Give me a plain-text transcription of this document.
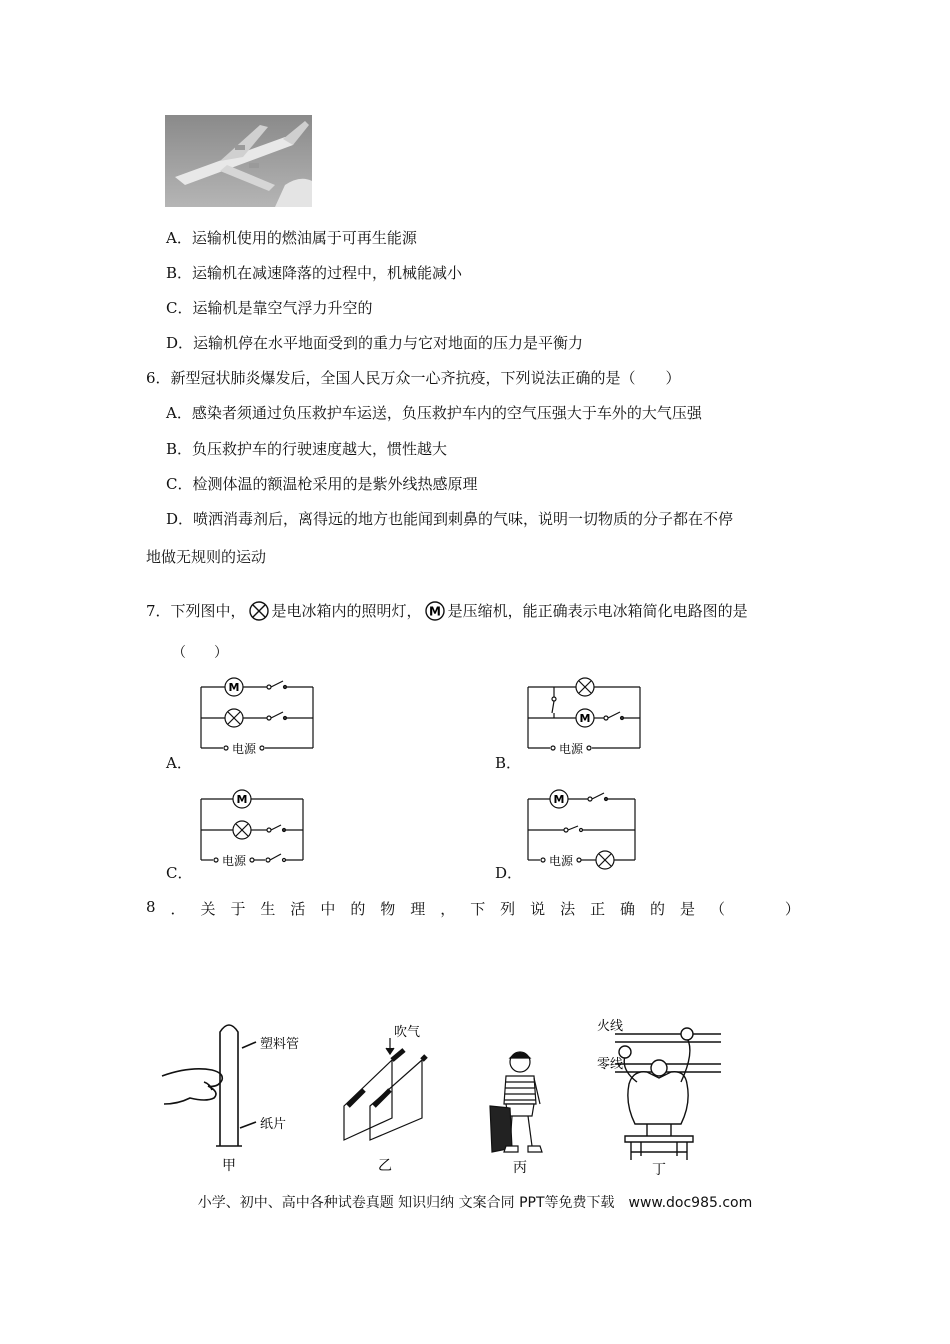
A．运输机使用的燃油属于可再生能源
B．运输机在减速降落的过程中，机械能减小
C．运输机是靠空气浮力升空的
D．运输机停在水平地面受到的重力与它对地面的压力是平衡力
6．新型冠状肺炎爆发后，全国人民万众一心齐抗疫，下列说法正确的是（　　）
A．感染者须通过负压救护车运送，负压救护车内的空气压强大于车外的大气压强
B．负压救护车的行驶速度越大，惯性越大
C．检测体温的额温枪采用的是紫外线热感原理
D．喷洒消毒剂后，离得远的地方也能闻到刺鼻的气味，说明一切物质的分子都在不停
地做无规则的运动
7．下列图中， 是电冰箱内的照明灯， M 是压缩机，能正确表示电冰箱简化电路图的是
（　　）
A．
M
电源
B．
M
电源
C．
M
电源
D．
M
电源
8 ． 关 于 生 活 中 的 物 理 ， 下 列 说 法 正 确 的 是 （	）
塑料管
纸片
甲
吹气
乙	丙
火线
零线
丁
小学、初中、高中各种试卷真题 知识归纳 文案合同 PPT等免费下载　www.doc985.com
